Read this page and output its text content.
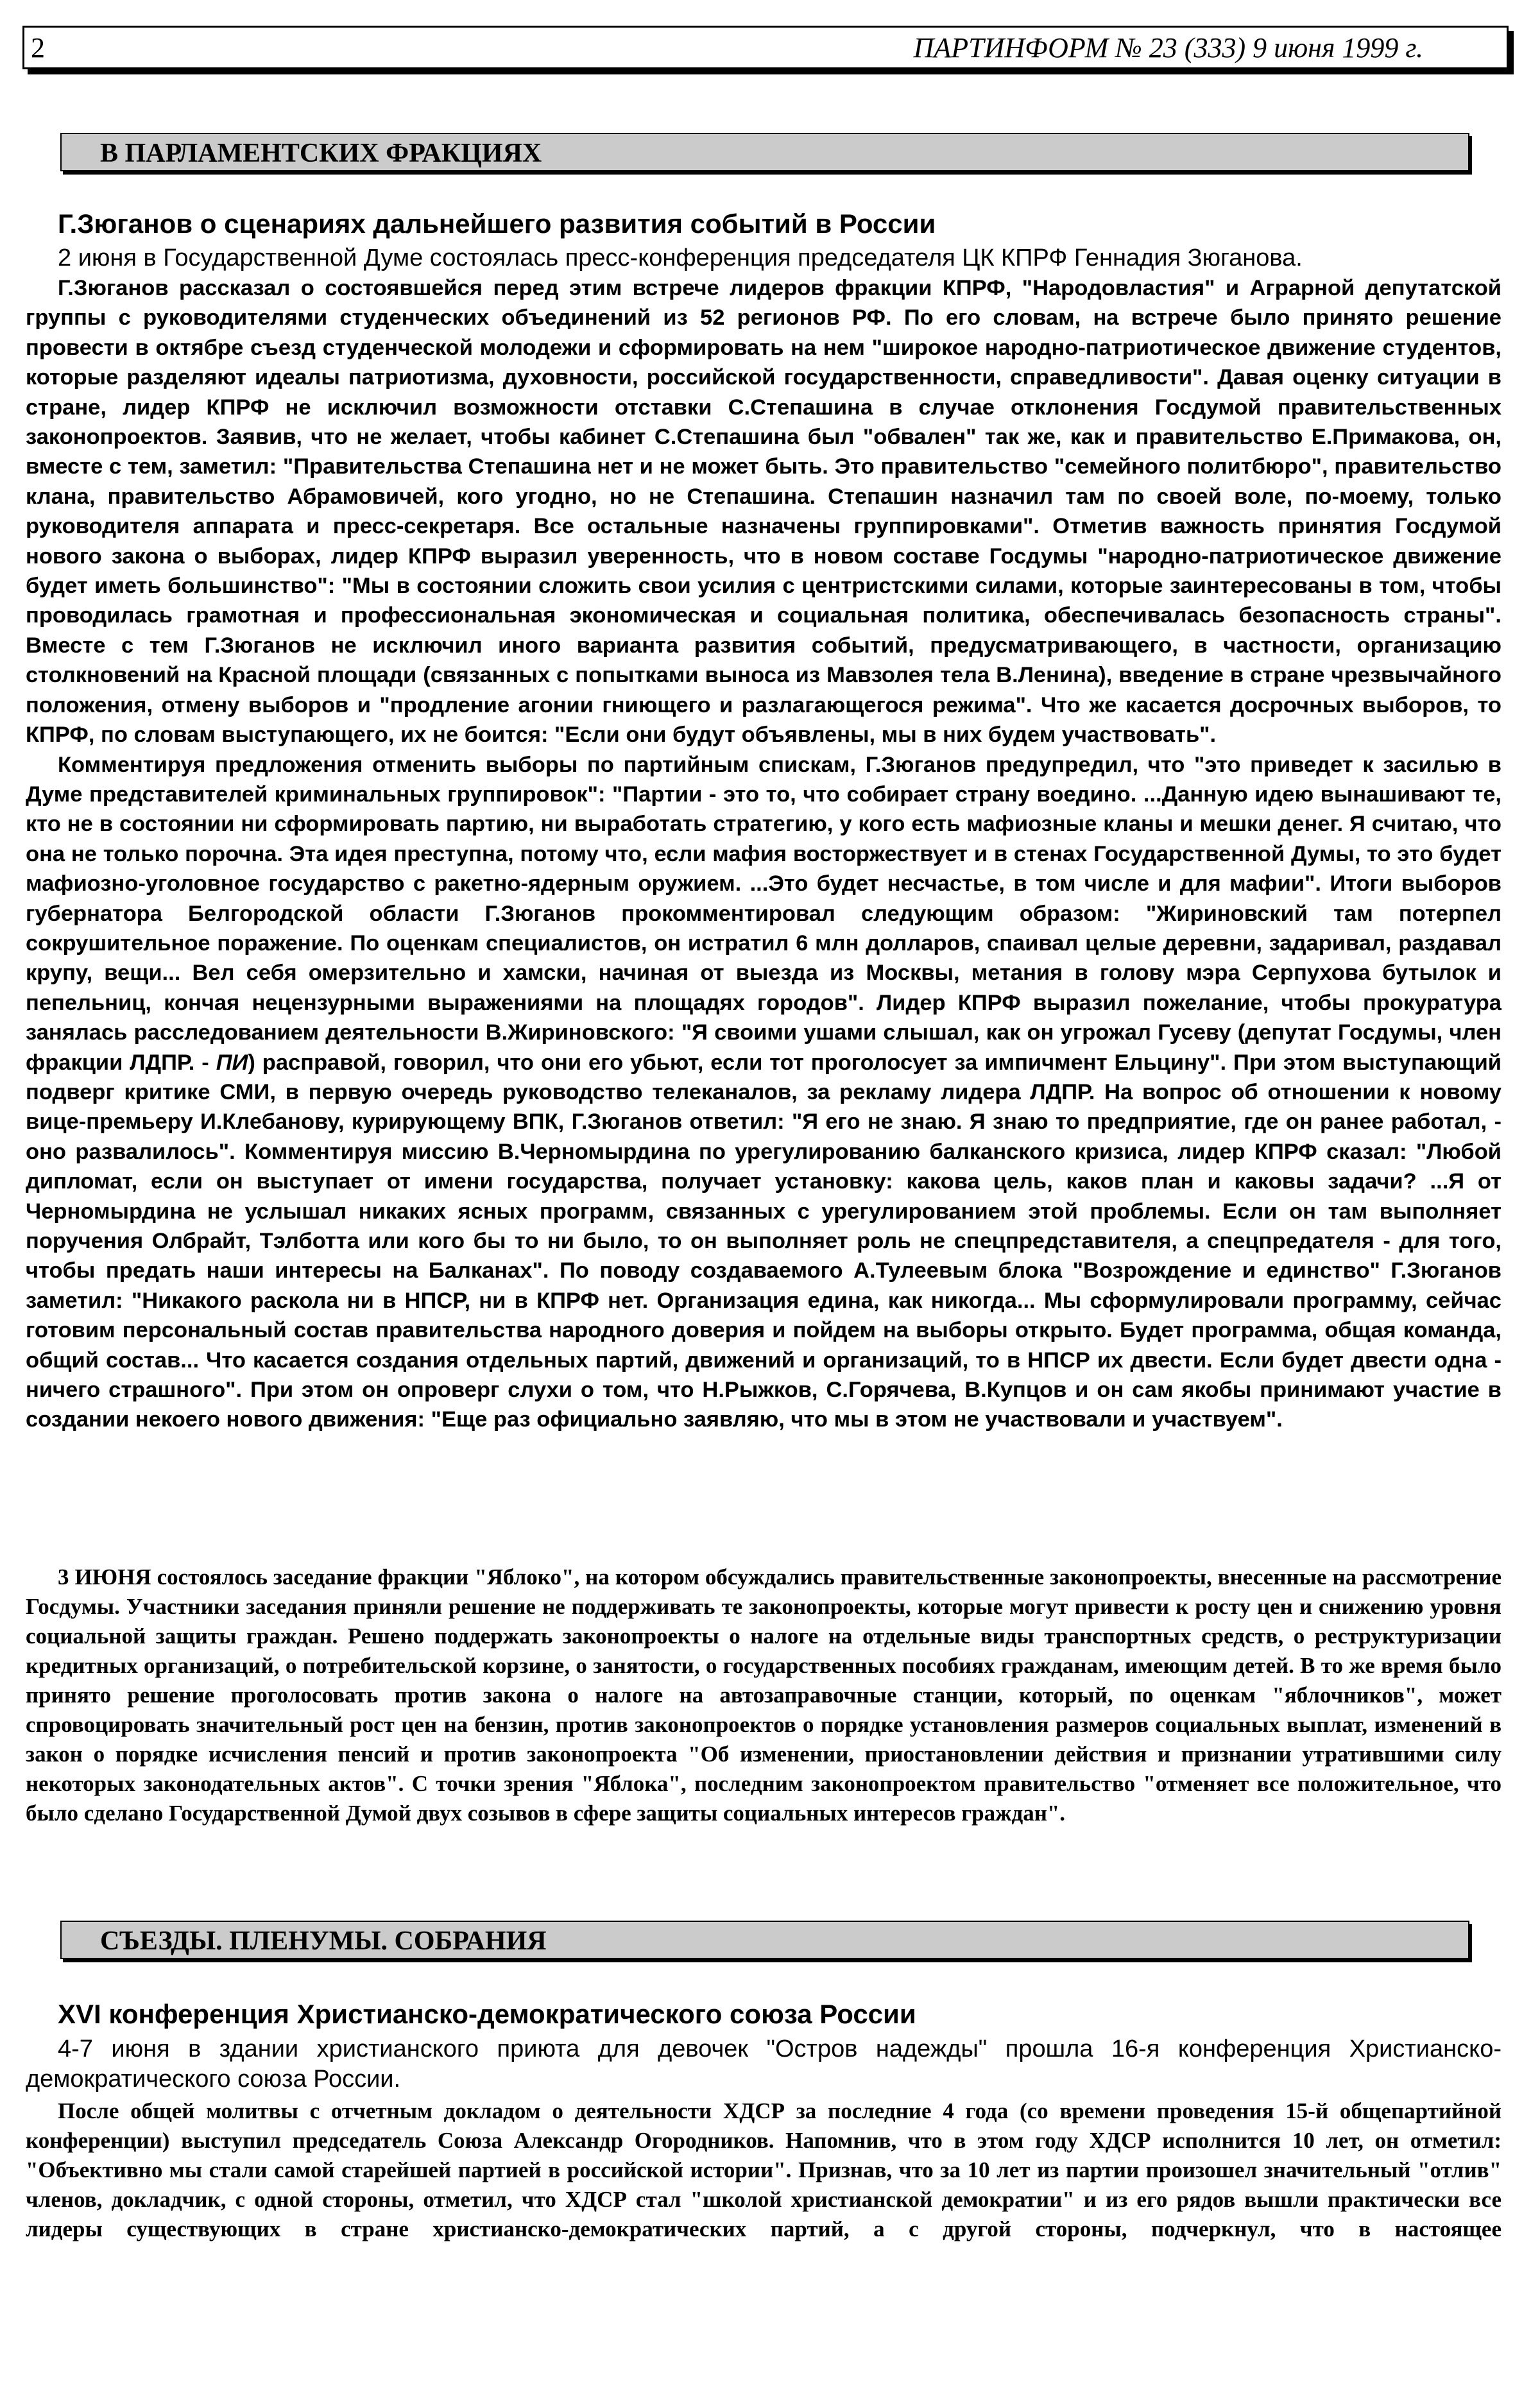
2	ПАРТИНФОРМ № 23 (333) 9 июня 1999 г.
В ПАРЛАМЕНТСКИХ ФРАКЦИЯХ
Г.Зюганов о сценариях дальнейшего развития событий в России
2 июня в Государственной Думе состоялась пресс-конференция председателя ЦК КПРФ Геннадия Зюганова.

Г.Зюганов рассказал о состоявшейся перед этим встрече лидеров фракции КПРФ, "Народовластия" и Аграрной депутатской группы с руководителями студенческих объединений из 52 регионов РФ. По его словам, на встрече было принято решение провести в октябре съезд студенческой молодежи и сформировать на нем "широкое народно-патриотическое движение студентов, которые разделяют идеалы патриотизма, духовности, российской государственности, справедливости". Давая оценку ситуации в стране, лидер КПРФ не исключил возможности отставки С.Степашина в случае отклонения Госдумой правительственных законопроектов. Заявив, что не желает, чтобы кабинет С.Степашина был "обвален" так же, как и правительство Е.Примакова, он, вместе с тем, заметил: "Правительства Степашина нет и не может быть. Это правительство "семейного политбюро", правительство клана, правительство Абрамовичей, кого угодно, но не Степашина. Степашин назначил там по своей воле, по-моему, только руководителя аппарата и пресс-секретаря. Все остальные назначены группировками". Отметив важность принятия Госдумой нового закона о выборах, лидер КПРФ выразил уверенность, что в новом составе Госдумы "народно-патриотическое движение будет иметь большинство": "Мы в состоянии сложить свои усилия с центристскими силами, которые заинтересованы в том, чтобы проводилась грамотная и профессиональная экономическая и социальная политика, обеспечивалась безопасность страны". Вместе с тем Г.Зюганов не исключил иного варианта развития событий, предусматривающего, в частности, организацию столкновений на Красной площади (связанных с попытками выноса из Мавзолея тела В.Ленина), введение в стране чрезвычайного положения, отмену выборов и "продление агонии гниющего и разлагающегося режима". Что же касается досрочных выборов, то КПРФ, по словам выступающего, их не боится: "Если они будут объявлены, мы в них будем участвовать".

Комментируя предложения отменить выборы по партийным спискам, Г.Зюганов предупредил, что "это приведет к засилью в Думе представителей криминальных группировок": "Партии - это то, что собирает страну воедино. ...Данную идею вынашивают те, кто не в состоянии ни сформировать партию, ни выработать стратегию, у кого есть мафиозные кланы и мешки денег. Я считаю, что она не только порочна. Эта идея преступна, потому что, если мафия восторжествует и в стенах Государственной Думы, то это будет мафиозно-уголовное государство с ракетно-ядерным оружием. ...Это будет несчастье, в том числе и для мафии". Итоги выборов губернатора Белгородской области Г.Зюганов прокомментировал следующим образом: "Жириновский там потерпел сокрушительное поражение. По оценкам специалистов, он истратил 6 млн долларов, спаивал целые деревни, задаривал, раздавал крупу, вещи... Вел себя омерзительно и хамски, начиная от выезда из Москвы, метания в голову мэра Серпухова бутылок и пепельниц, кончая нецензурными выражениями на площадях городов". Лидер КПРФ выразил пожелание, чтобы прокуратура занялась расследованием деятельности В.Жириновского: "Я своими ушами слышал, как он угрожал Гусеву (депутат Госдумы, член фракции ЛДПР. - ПИ) расправой, говорил, что они его убьют, если тот проголосует за импичмент Ельцину". При этом выступающий подверг критике СМИ, в первую очередь руководство телеканалов, за рекламу лидера ЛДПР. На вопрос об отношении к новому вице-премьеру И.Клебанову, курирующему ВПК, Г.Зюганов ответил: "Я его не знаю. Я знаю то предприятие, где он ранее работал, - оно развалилось". Комментируя миссию В.Черномырдина по урегулированию балканского кризиса, лидер КПРФ сказал: "Любой дипломат, если он выступает от имени государства, получает установку: какова цель, каков план и каковы задачи? ...Я от Черномырдина не услышал никаких ясных программ, связанных с урегулированием этой проблемы. Если он там выполняет поручения Олбрайт, Тэлботта или кого бы то ни было, то он выполняет роль не спецпредставителя, а спецпредателя - для того, чтобы предать наши интересы на Балканах". По поводу создаваемого А.Тулеевым блока "Возрождение и единство" Г.Зюганов заметил: "Никакого раскола ни в НПСР, ни в КПРФ нет. Организация едина, как никогда... Мы сформулировали программу, сейчас готовим персональный состав правительства народного доверия и пойдем на выборы открыто. Будет программа, общая команда, общий состав... Что касается создания отдельных партий, движений и организаций, то в НПСР их двести. Если будет двести одна - ничего страшного". При этом он опроверг слухи о том, что Н.Рыжков, С.Горячева, В.Купцов и он сам якобы принимают участие в создании некоего нового движения: "Еще раз официально заявляю, что мы в этом не участвовали и участвуем".

3 ИЮНЯ состоялось заседание фракции "Яблоко", на котором обсуждались правительственные законопроекты, внесенные на рассмотрение Госдумы. Участники заседания приняли решение не поддерживать те законопроекты, которые могут привести к росту цен и снижению уровня социальной защиты граждан. Решено поддержать законопроекты о налоге на отдельные виды транспортных средств, о реструктуризации кредитных организаций, о потребительской корзине, о занятости, о государственных пособиях гражданам, имеющим детей. В то же время было принято решение проголосовать против закона о налоге на автозаправочные станции, который, по оценкам "яблочников", может спровоцировать значительный рост цен на бензин, против законопроектов о порядке установления размеров социальных выплат, изменений в закон о порядке исчисления пенсий и против законопроекта "Об изменении, приостановлении действия и признании утратившими силу некоторых законодательных актов". С точки зрения "Яблока", последним законопроектом правительство "отменяет все положительное, что было сделано Государственной Думой двух созывов в сфере защиты социальных интересов граждан".

СЪЕЗДЫ. ПЛЕНУМЫ. СОБРАНИЯ
XVI конференция Христианско-демократического союза России
4-7 июня в здании христианского приюта для девочек "Остров надежды" прошла 16-я конференция Христианско-демократического союза России.

После общей молитвы с отчетным докладом о деятельности ХДСР за последние 4 года (со времени проведения 15-й общепартийной конференции) выступил председатель Союза Александр Огородников. Напомнив, что в этом году ХДСР исполнится 10 лет, он отметил: "Объективно мы стали самой старейшей партией в российской истории". Признав, что за 10 лет из партии произошел значительный "отлив" членов, докладчик, с одной стороны, отметил, что ХДСР стал "школой христианской демократии" и из его рядов вышли практически все лидеры существующих в стране христианско-демократических партий, а с другой стороны, подчеркнул, что в настоящее
